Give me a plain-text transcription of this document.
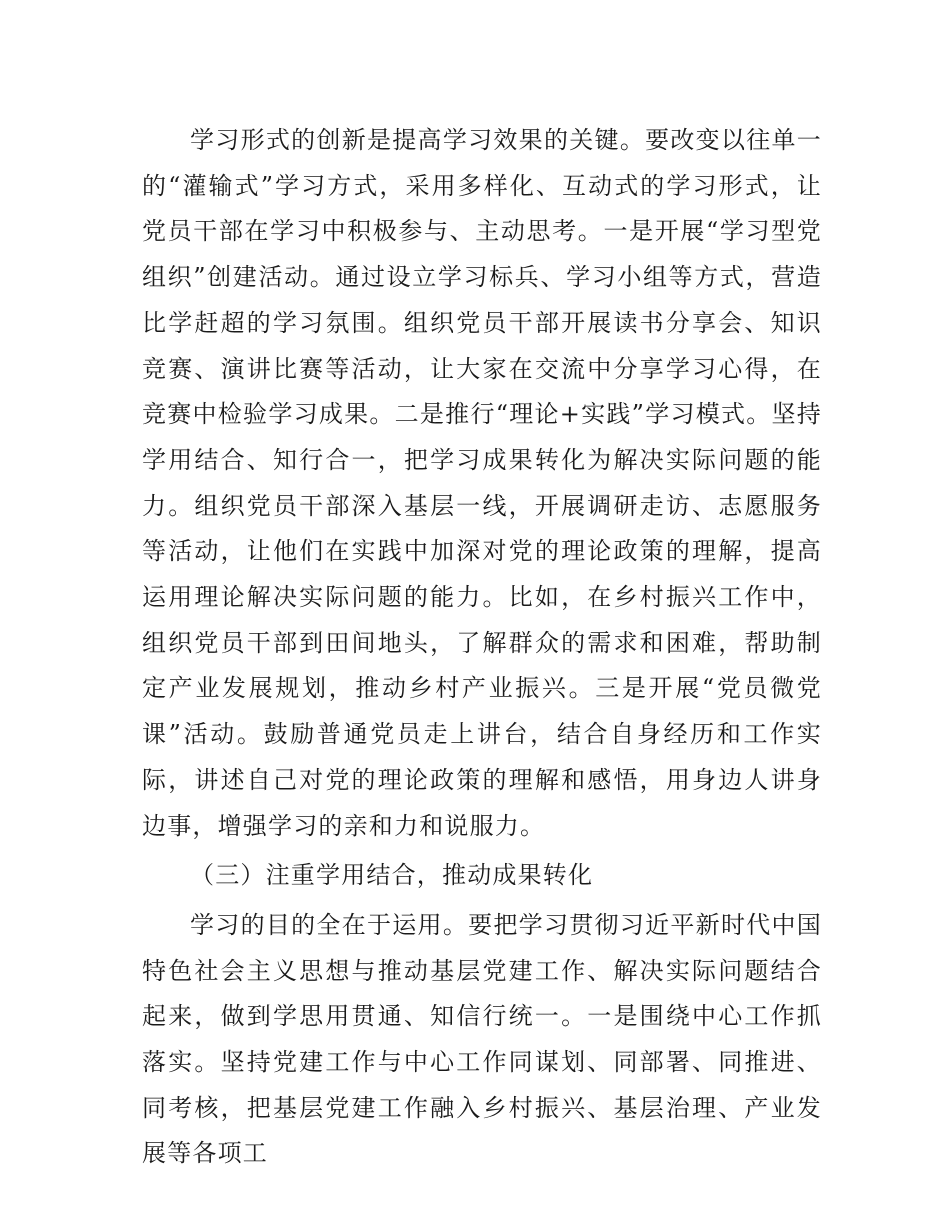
学习形式的创新是提高学习效果的关键。要改变以往单一的“灌输式”学习方式，采用多样化、互动式的学习形式，让党员干部在学习中积极参与、主动思考。一是开展“学习型党组织”创建活动。通过设立学习标兵、学习小组等方式，营造比学赶超的学习氛围。组织党员干部开展读书分享会、知识竞赛、演讲比赛等活动，让大家在交流中分享学习心得，在竞赛中检验学习成果。二是推行“理论+实践”学习模式。坚持学用结合、知行合一，把学习成果转化为解决实际问题的能力。组织党员干部深入基层一线，开展调研走访、志愿服务等活动，让他们在实践中加深对党的理论政策的理解，提高运用理论解决实际问题的能力。比如，在乡村振兴工作中，组织党员干部到田间地头，了解群众的需求和困难，帮助制定产业发展规划，推动乡村产业振兴。三是开展“党员微党课”活动。鼓励普通党员走上讲台，结合自身经历和工作实际，讲述自己对党的理论政策的理解和感悟，用身边人讲身边事，增强学习的亲和力和说服力。

（三）注重学用结合，推动成果转化

学习的目的全在于运用。要把学习贯彻习近平新时代中国特色社会主义思想与推动基层党建工作、解决实际问题结合起来，做到学思用贯通、知信行统一。一是围绕中心工作抓落实。坚持党建工作与中心工作同谋划、同部署、同推进、同考核，把基层党建工作融入乡村振兴、基层治理、产业发展等各项工
